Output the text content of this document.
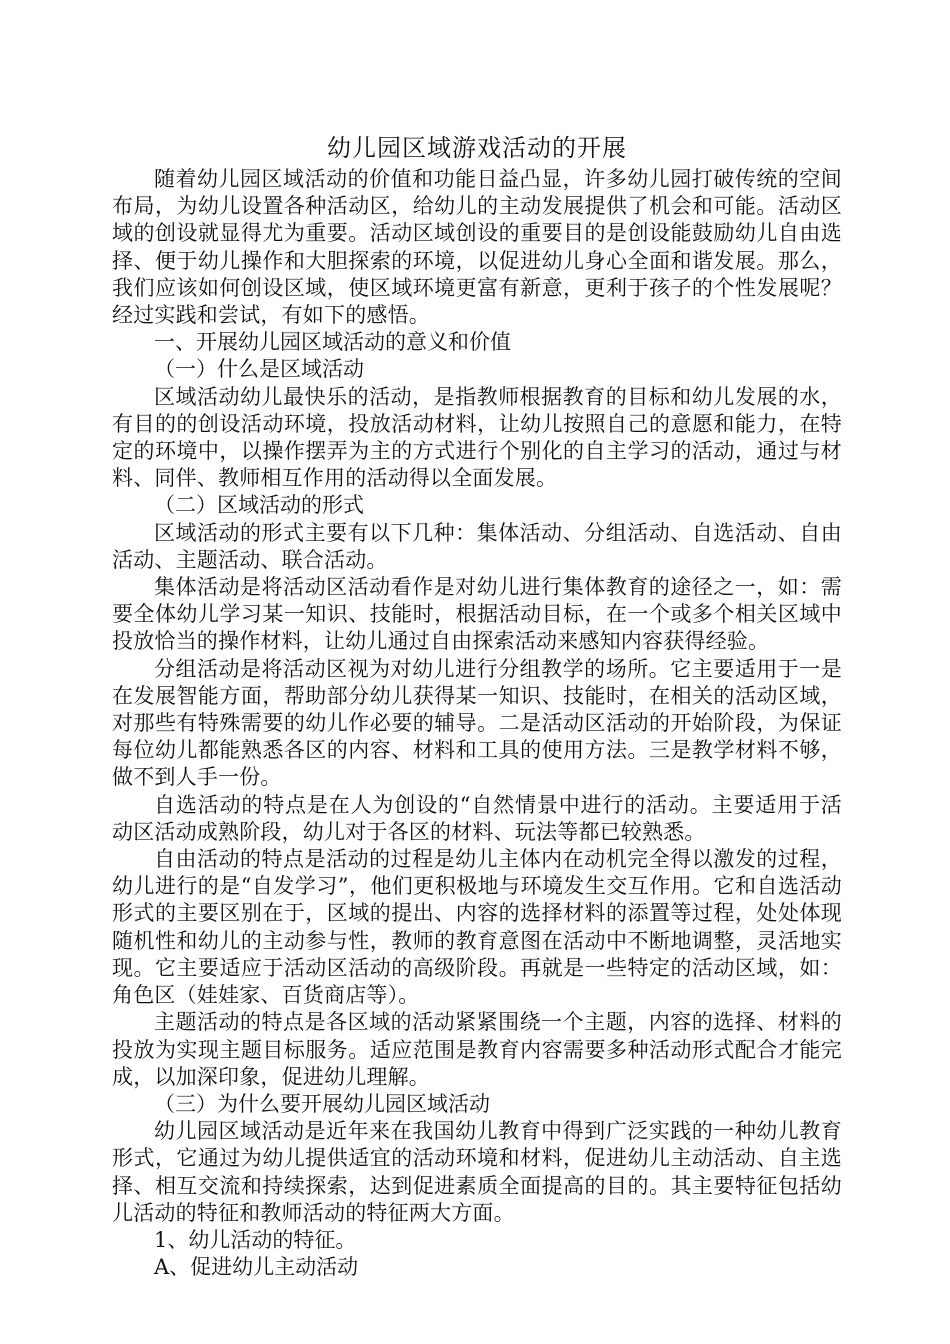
幼儿园区域游戏活动的开展

随着幼儿园区域活动的价值和功能日益凸显，许多幼儿园打破传统的空间布局，为幼儿设置各种活动区，给幼儿的主动发展提供了机会和可能。活动区域的创设就显得尤为重要。活动区域创设的重要目的是创设能鼓励幼儿自由选择、便于幼儿操作和大胆探索的环境，以促进幼儿身心全面和谐发展。那么，我们应该如何创设区域，使区域环境更富有新意，更利于孩子的个性发展呢？经过实践和尝试，有如下的感悟。

一、开展幼儿园区域活动的意义和价值

（一）什么是区域活动

区域活动幼儿最快乐的活动，是指教师根据教育的目标和幼儿发展的水，有目的的创设活动环境，投放活动材料，让幼儿按照自己的意愿和能力，在特定的环境中，以操作摆弄为主的方式进行个别化的自主学习的活动，通过与材料、同伴、教师相互作用的活动得以全面发展。

（二）区域活动的形式

区域活动的形式主要有以下几种：集体活动、分组活动、自选活动、自由活动、主题活动、联合活动。

集体活动是将活动区活动看作是对幼儿进行集体教育的途径之一，如：需要全体幼儿学习某一知识、技能时，根据活动目标，在一个或多个相关区域中投放恰当的操作材料，让幼儿通过自由探索活动来感知内容获得经验。

分组活动是将活动区视为对幼儿进行分组教学的场所。它主要适用于一是在发展智能方面，帮助部分幼儿获得某一知识、技能时，在相关的活动区域，对那些有特殊需要的幼儿作必要的辅导。二是活动区活动的开始阶段，为保证每位幼儿都能熟悉各区的内容、材料和工具的使用方法。三是教学材料不够，做不到人手一份。

自选活动的特点是在人为创设的“自然情景中进行的活动。主要适用于活动区活动成熟阶段，幼儿对于各区的材料、玩法等都已较熟悉。

自由活动的特点是活动的过程是幼儿主体内在动机完全得以激发的过程，幼儿进行的是“自发学习”，他们更积极地与环境发生交互作用。它和自选活动形式的主要区别在于，区域的提出、内容的选择材料的添置等过程，处处体现随机性和幼儿的主动参与性，教师的教育意图在活动中不断地调整，灵活地实现。它主要适应于活动区活动的高级阶段。再就是一些特定的活动区域，如：角色区（娃娃家、百货商店等）。

主题活动的特点是各区域的活动紧紧围绕一个主题，内容的选择、材料的投放为实现主题目标服务。适应范围是教育内容需要多种活动形式配合才能完成，以加深印象，促进幼儿理解。

（三）为什么要开展幼儿园区域活动

幼儿园区域活动是近年来在我国幼儿教育中得到广泛实践的一种幼儿教育形式，它通过为幼儿提供适宜的活动环境和材料，促进幼儿主动活动、自主选择、相互交流和持续探索，达到促进素质全面提高的目的。其主要特征包括幼儿活动的特征和教师活动的特征两大方面。

1、幼儿活动的特征。

A、促进幼儿主动活动
